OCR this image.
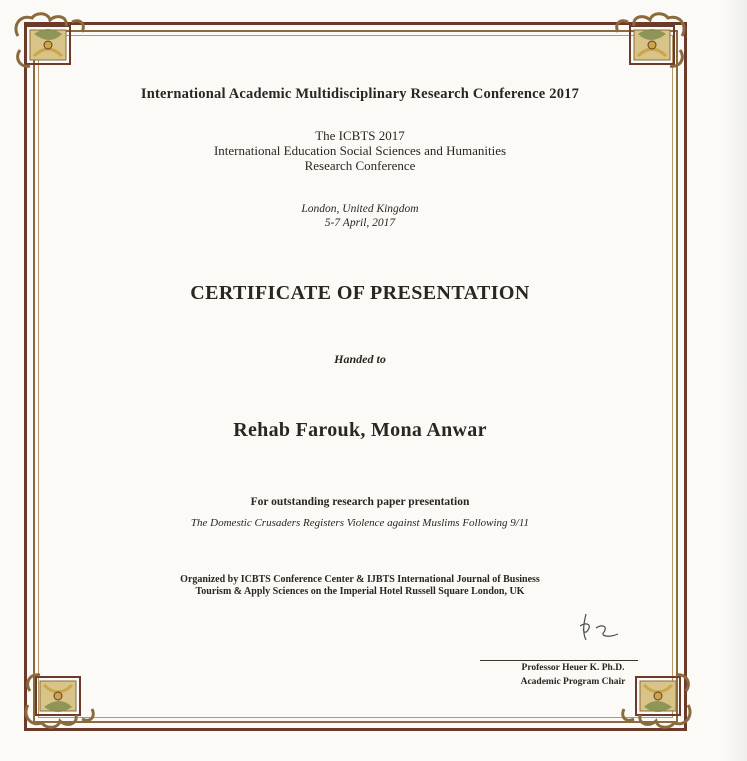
International Academic Multidisciplinary Research Conference 2017
The ICBTS 2017
International Education Social Sciences and Humanities
Research Conference
London, United Kingdom
5-7 April, 2017
CERTIFICATE OF PRESENTATION
Handed to
Rehab Farouk, Mona Anwar
For outstanding research paper presentation
The Domestic Crusaders Registers Violence against Muslims Following 9/11
Organized by ICBTS Conference Center & IJBTS International Journal of Business
Tourism & Apply Sciences on the Imperial Hotel Russell Square London, UK
Professor Heuer K. Ph.D.
Academic Program Chair
